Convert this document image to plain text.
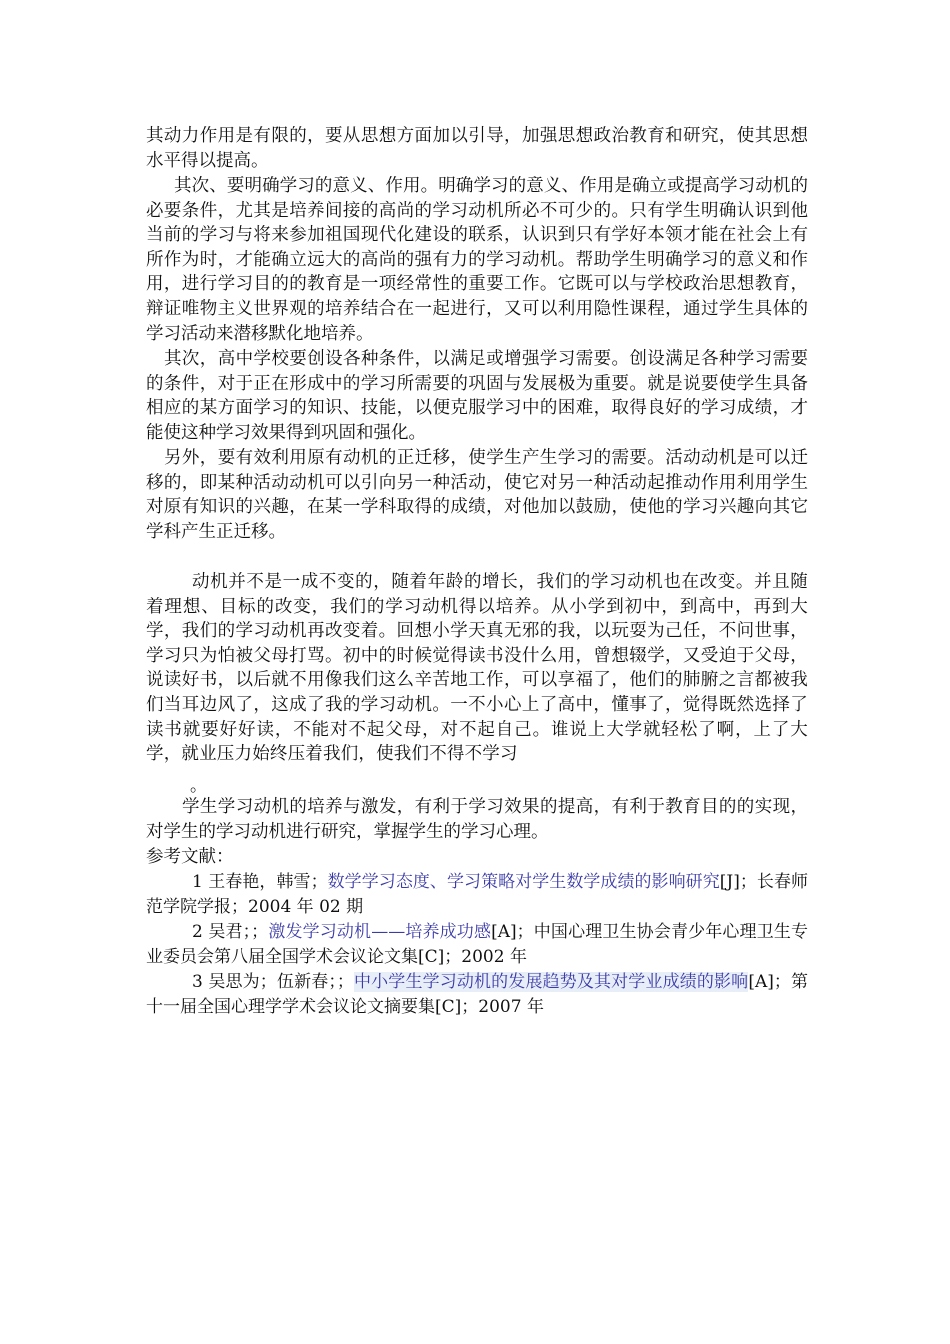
其动力作用是有限的，要从思想方面加以引导，加强思想政治教育和研究，使其思想水平得以提高。

其次、要明确学习的意义、作用。明确学习的意义、作用是确立或提高学习动机的必要条件，尤其是培养间接的高尚的学习动机所必不可少的。只有学生明确认识到他当前的学习与将来参加祖国现代化建设的联系，认识到只有学好本领才能在社会上有所作为时，才能确立远大的高尚的强有力的学习动机。帮助学生明确学习的意义和作用，进行学习目的的教育是一项经常性的重要工作。它既可以与学校政治思想教育，辩证唯物主义世界观的培养结合在一起进行，又可以利用隐性课程，通过学生具体的学习活动来潜移默化地培养。

其次，高中学校要创设各种条件，以满足或增强学习需要。创设满足各种学习需要的条件，对于正在形成中的学习所需要的巩固与发展极为重要。就是说要使学生具备相应的某方面学习的知识、技能，以便克服学习中的困难，取得良好的学习成绩，才能使这种学习效果得到巩固和强化。

另外，要有效利用原有动机的正迁移，使学生产生学习的需要。活动动机是可以迁移的，即某种活动动机可以引向另一种活动，使它对另一种活动起推动作用利用学生对原有知识的兴趣，在某一学科取得的成绩，对他加以鼓励，使他的学习兴趣向其它学科产生正迁移。

动机并不是一成不变的，随着年龄的增长，我们的学习动机也在改变。并且随着理想、目标的改变，我们的学习动机得以培养。从小学到初中，到高中，再到大学，我们的学习动机再改变着。回想小学天真无邪的我，以玩耍为己任，不问世事，学习只为怕被父母打骂。初中的时候觉得读书没什么用，曾想辍学，又受迫于父母，说读好书，以后就不用像我们这么辛苦地工作，可以享福了，他们的肺腑之言都被我们当耳边风了，这成了我的学习动机。一不小心上了高中，懂事了，觉得既然选择了读书就要好好读，不能对不起父母，对不起自己。谁说上大学就轻松了啊，上了大学，就业压力始终压着我们，使我们不得不学习

。

学生学习动机的培养与激发，有利于学习效果的提高，有利于教育目的的实现，对学生的学习动机进行研究，掌握学生的学习心理。

参考文献：
1 王春艳，韩雪；数学学习态度、学习策略对学生数学成绩的影响研究[J]；长春师范学院学报；2004 年 02 期
2 吴君；；激发学习动机——培养成功感[A]；中国心理卫生协会青少年心理卫生专业委员会第八届全国学术会议论文集[C]；2002 年
3 吴思为；伍新春；；中小学生学习动机的发展趋势及其对学业成绩的影响[A]；第十一届全国心理学学术会议论文摘要集[C]；2007 年
